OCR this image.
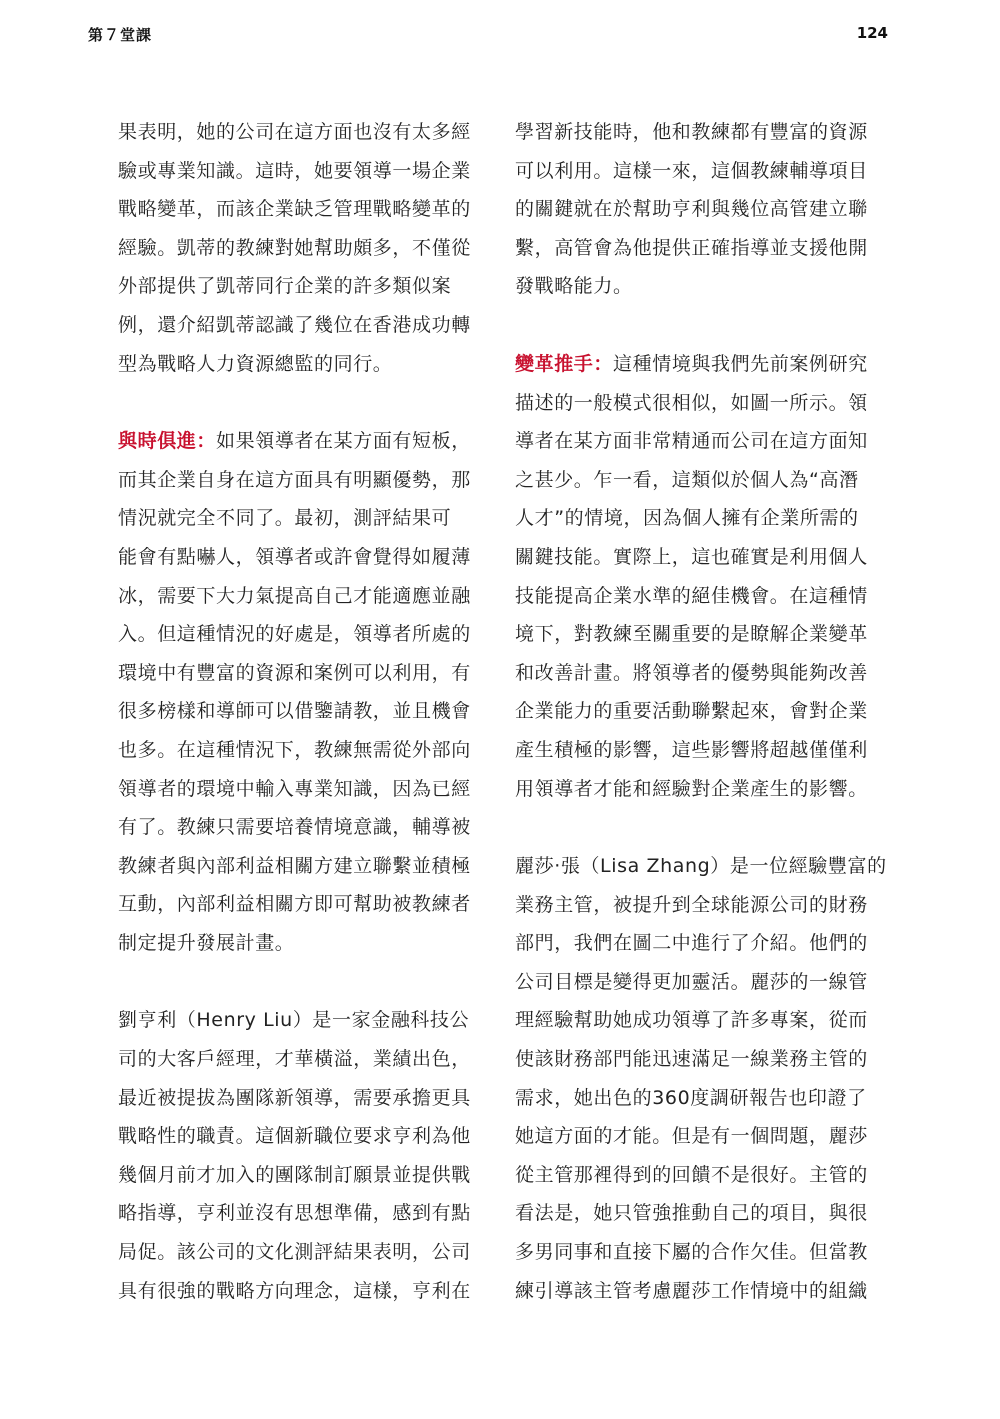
第７堂課	124
果表明，她的公司在這方面也沒有太多經
驗或專業知識。這時，她要領導一場企業
戰略變革，而該企業缺乏管理戰略變革的
經驗。凱蒂的教練對她幫助頗多，不僅從
外部提供了凱蒂同行企業的許多類似案
例，還介紹凱蒂認識了幾位在香港成功轉
型為戰略人力資源總監的同行。
與時俱進：如果領導者在某方面有短板，
而其企業自身在這方面具有明顯優勢，那
情況就完全不同了。最初，測評結果可
能會有點嚇人，領導者或許會覺得如履薄
冰，需要下大力氣提高自己才能適應並融
入。但這種情況的好處是，領導者所處的
環境中有豐富的資源和案例可以利用，有
很多榜樣和導師可以借鑒請教，並且機會
也多。在這種情況下，教練無需從外部向
領導者的環境中輸入專業知識，因為已經
有了。教練只需要培養情境意識，輔導被
教練者與內部利益相關方建立聯繫並積極
互動，內部利益相關方即可幫助被教練者
制定提升發展計畫。
劉亨利（Henry Liu）是一家金融科技公
司的大客戶經理，才華橫溢，業績出色，
最近被提拔為團隊新領導，需要承擔更具
戰略性的職責。這個新職位要求亨利為他
幾個月前才加入的團隊制訂願景並提供戰
略指導，亨利並沒有思想準備，感到有點
局促。該公司的文化測評結果表明，公司
具有很強的戰略方向理念，這樣，亨利在
學習新技能時，他和教練都有豐富的資源
可以利用。這樣一來，這個教練輔導項目
的關鍵就在於幫助亨利與幾位高管建立聯
繫，高管會為他提供正確指導並支援他開
發戰略能力。
變革推手：這種情境與我們先前案例研究
描述的一般模式很相似，如圖一所示。領
導者在某方面非常精通而公司在這方面知
之甚少。乍一看，這類似於個人為“高潛
人才”的情境，因為個人擁有企業所需的
關鍵技能。實際上，這也確實是利用個人
技能提高企業水準的絕佳機會。在這種情
境下，對教練至關重要的是瞭解企業變革
和改善計畫。將領導者的優勢與能夠改善
企業能力的重要活動聯繫起來，會對企業
產生積極的影響，這些影響將超越僅僅利
用領導者才能和經驗對企業產生的影響。
麗莎·張（Lisa Zhang）是一位經驗豐富的
業務主管，被提升到全球能源公司的財務
部門，我們在圖二中進行了介紹。他們的
公司目標是變得更加靈活。麗莎的一線管
理經驗幫助她成功領導了許多專案，從而
使該財務部門能迅速滿足一線業務主管的
需求，她出色的360度調研報告也印證了
她這方面的才能。但是有一個問題，麗莎
從主管那裡得到的回饋不是很好。主管的
看法是，她只管強推動自己的項目，與很
多男同事和直接下屬的合作欠佳。但當教
練引導該主管考慮麗莎工作情境中的組織
